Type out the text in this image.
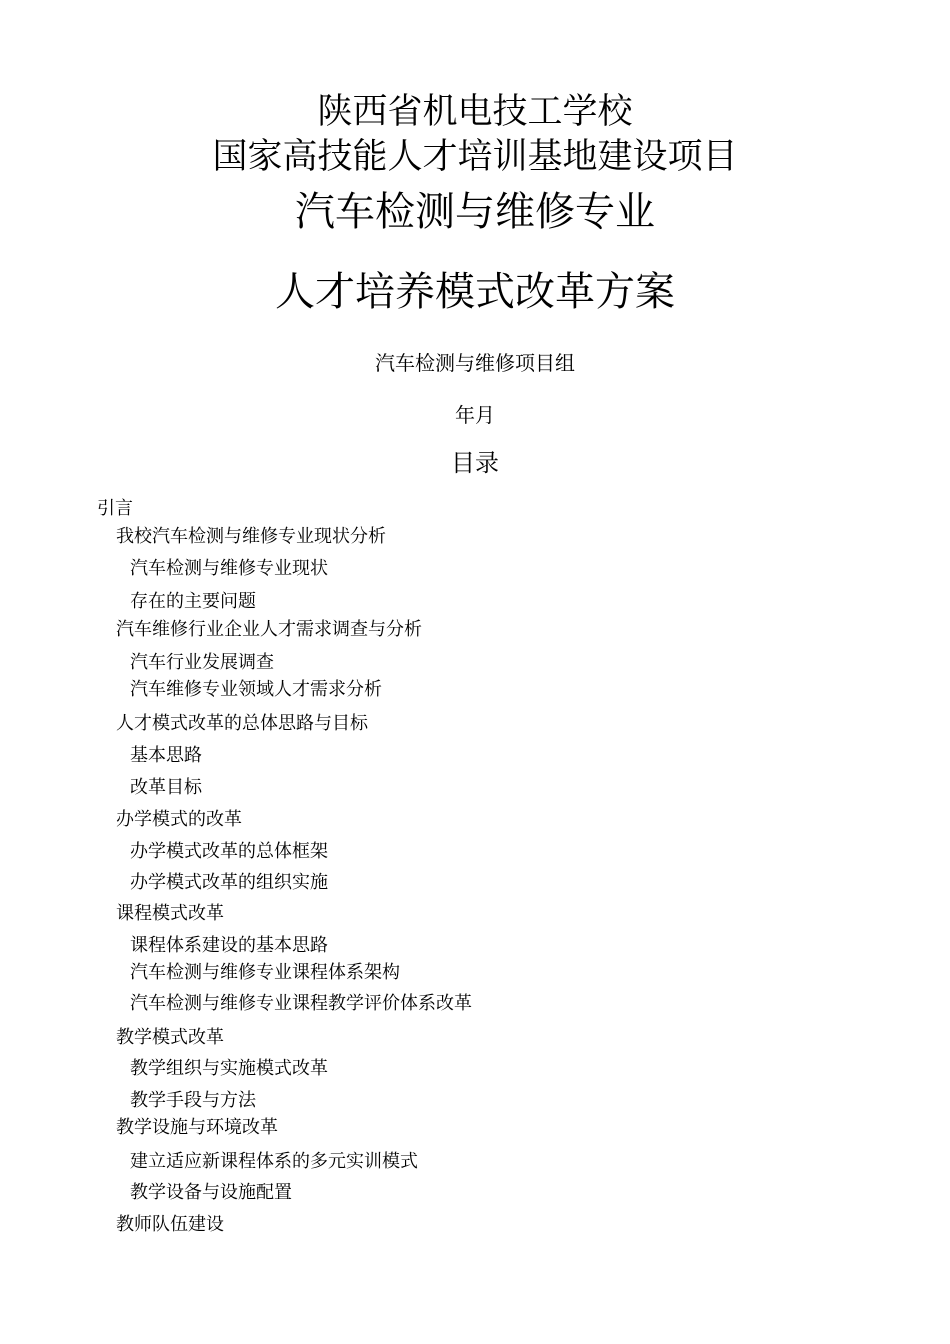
陕西省机电技工学校
国家高技能人才培训基地建设项目
汽车检测与维修专业
人才培养模式改革方案
汽车检测与维修项目组
年月
目录
引言
我校汽车检测与维修专业现状分析
汽车检测与维修专业现状
存在的主要问题
汽车维修行业企业人才需求调查与分析
汽车行业发展调查
汽车维修专业领域人才需求分析
人才模式改革的总体思路与目标
基本思路
改革目标
办学模式的改革
办学模式改革的总体框架
办学模式改革的组织实施
课程模式改革
课程体系建设的基本思路
汽车检测与维修专业课程体系架构
汽车检测与维修专业课程教学评价体系改革
教学模式改革
教学组织与实施模式改革
教学手段与方法
教学设施与环境改革
建立适应新课程体系的多元实训模式
教学设备与设施配置
教师队伍建设
